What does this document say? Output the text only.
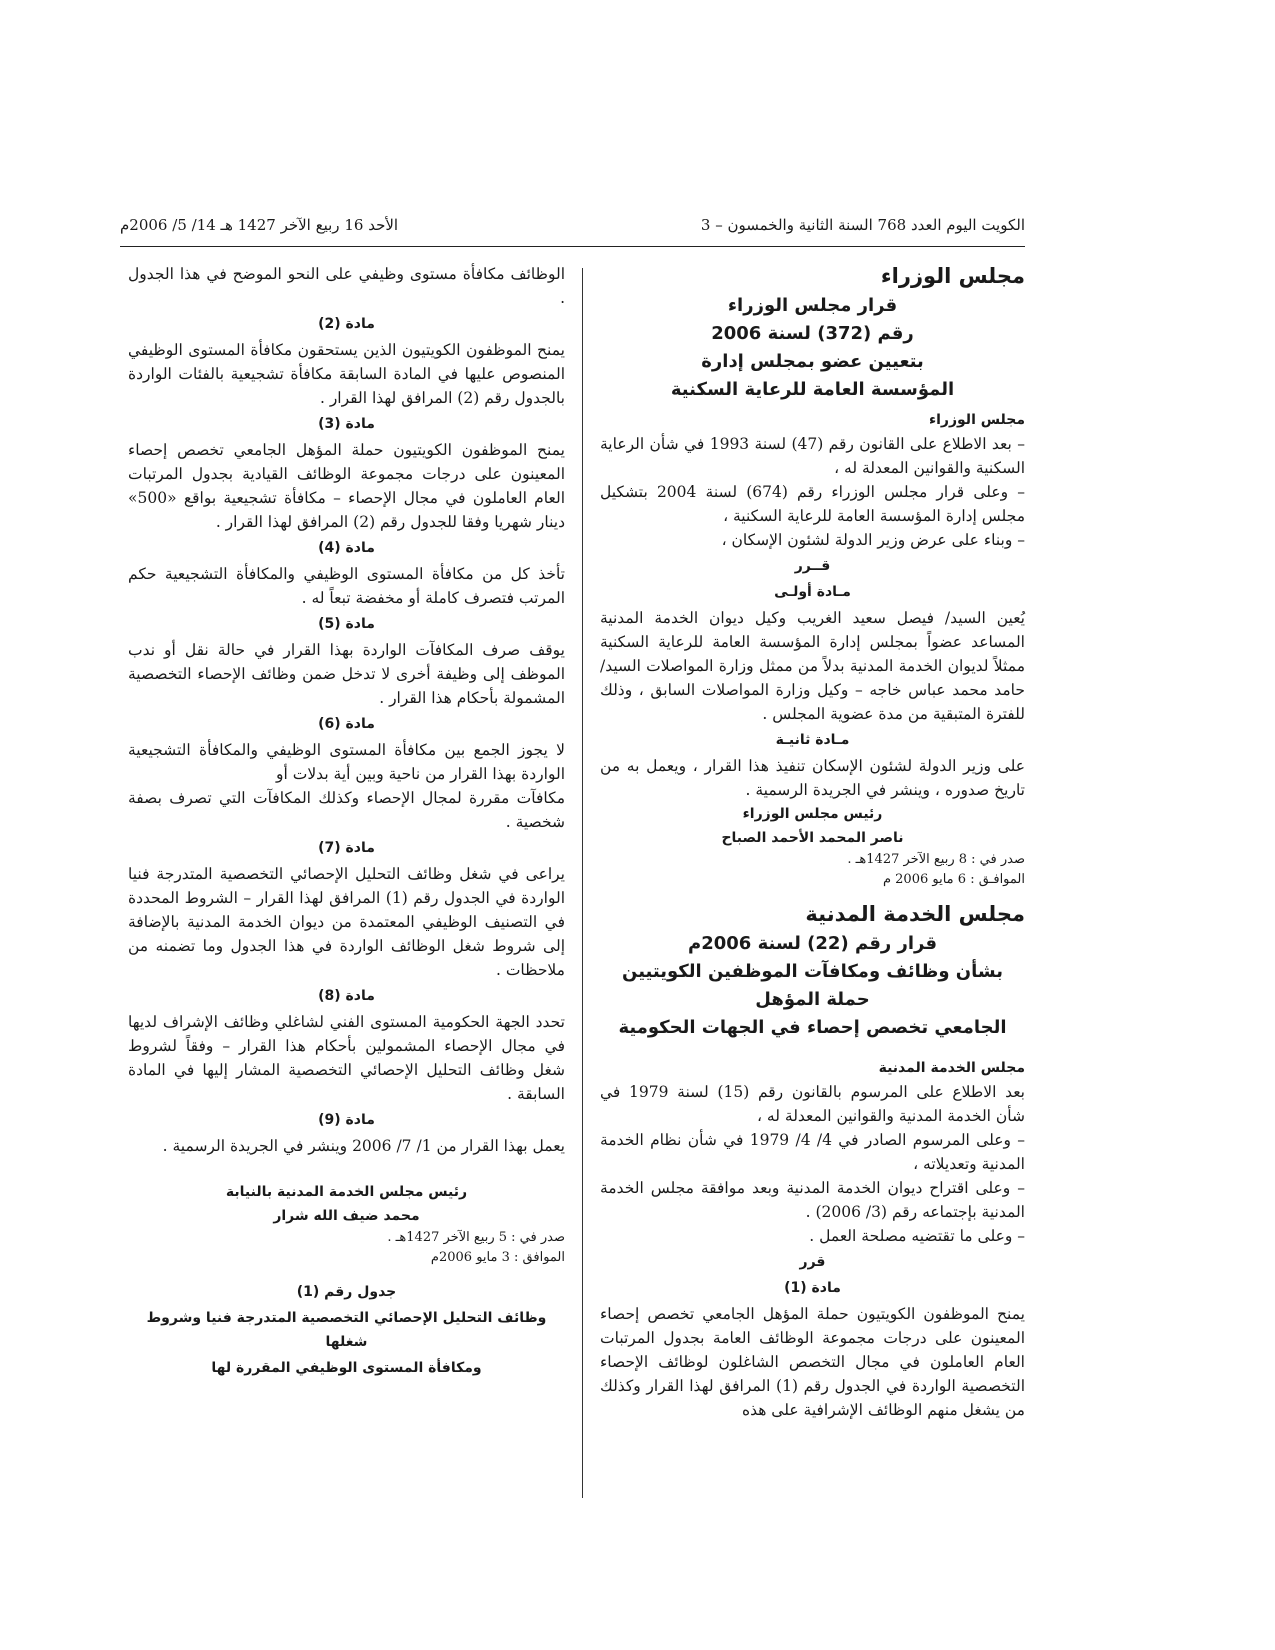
الكويت اليوم العدد 768 السنة الثانية والخمسون – 3
الأحد 16 ربيع الآخر 1427 هـ 14/ 5/ 2006م
مجلس الوزراء
قرار مجلس الوزراء
رقم (372) لسنة 2006
بتعيين عضو بمجلس إدارة
المؤسسة العامة للرعاية السكنية
مجلس الوزراء

– بعد الاطلاع على القانون رقم (47) لسنة 1993 في شأن الرعاية السكنية والقوانين المعدلة له ،

– وعلى قرار مجلس الوزراء رقم (674) لسنة 2004 بتشكيل مجلس إدارة المؤسسة العامة للرعاية السكنية ،

– وبناء على عرض وزير الدولة لشئون الإسكان ،

قــرر
مـادة أولـى

يُعين السيد/ فيصل سعيد الغريب وكيل ديوان الخدمة المدنية المساعد عضواً بمجلس إدارة المؤسسة العامة للرعاية السكنية ممثلاً لديوان الخدمة المدنية بدلاً من ممثل وزارة المواصلات السيد/ حامد محمد عباس خاجه – وكيل وزارة المواصلات السابق ، وذلك للفترة المتبقية من مدة عضوية المجلس .

مـادة ثانيـة

على وزير الدولة لشئون الإسكان تنفيذ هذا القرار ، ويعمل به من تاريخ صدوره ، وينشر في الجريدة الرسمية .

رئيس مجلس الوزراء
ناصر المحمد الأحمد الصباح
صدر في : 8 ربيع الآخر 1427هـ .
الموافـق : 6 مايو 2006 م
مجلس الخدمة المدنية
قرار رقم (22) لسنة 2006م
بشأن وظائف ومكافآت الموظفين الكويتيين حملة المؤهل
الجامعي تخصص إحصاء في الجهات الحكومية
مجلس الخدمة المدنية

بعد الاطلاع على المرسوم بالقانون رقم (15) لسنة 1979 في شأن الخدمة المدنية والقوانين المعدلة له ،

– وعلى المرسوم الصادر في 4/ 4/ 1979 في شأن نظام الخدمة المدنية وتعديلاته ،

– وعلى اقتراح ديوان الخدمة المدنية وبعد موافقة مجلس الخدمة المدنية بإجتماعه رقم (3/ 2006) .

– وعلى ما تقتضيه مصلحة العمل .

قرر
مادة (1)

يمنح الموظفون الكويتيون حملة المؤهل الجامعي تخصص إحصاء المعينون على درجات مجموعة الوظائف العامة بجدول المرتبات العام العاملون في مجال التخصص الشاغلون لوظائف الإحصاء التخصصية الواردة في الجدول رقم (1) المرافق لهذا القرار وكذلك من يشغل منهم الوظائف الإشرافية على هذه

الوظائف مكافأة مستوى وظيفي على النحو الموضح في هذا الجدول .

مادة (2)

يمنح الموظفون الكويتيون الذين يستحقون مكافأة المستوى الوظيفي المنصوص عليها في المادة السابقة مكافأة تشجيعية بالفئات الواردة بالجدول رقم (2) المرافق لهذا القرار .

مادة (3)

يمنح الموظفون الكويتيون حملة المؤهل الجامعي تخصص إحصاء المعينون على درجات مجموعة الوظائف القيادية بجدول المرتبات العام العاملون في مجال الإحصاء – مكافأة تشجيعية بواقع «500» دينار شهريا وفقا للجدول رقم (2) المرافق لهذا القرار .

مادة (4)

تأخذ كل من مكافأة المستوى الوظيفي والمكافأة التشجيعية حكم المرتب فتصرف كاملة أو مخفضة تبعاً له .

مادة (5)

يوقف صرف المكافآت الواردة بهذا القرار في حالة نقل أو ندب الموظف إلى وظيفة أخرى لا تدخل ضمن وظائف الإحصاء التخصصية المشمولة بأحكام هذا القرار .

مادة (6)

لا يجوز الجمع بين مكافأة المستوى الوظيفي والمكافأة التشجيعية الواردة بهذا القرار من ناحية وبين أية بدلات أو

مكافآت مقررة لمجال الإحصاء وكذلك المكافآت التي تصرف بصفة شخصية .

مادة (7)

يراعى في شغل وظائف التحليل الإحصائي التخصصية المتدرجة فنيا الواردة في الجدول رقم (1) المرافق لهذا القرار – الشروط المحددة في التصنيف الوظيفي المعتمدة من ديوان الخدمة المدنية بالإضافة إلى شروط شغل الوظائف الواردة في هذا الجدول وما تضمنه من ملاحظات .

مادة (8)

تحدد الجهة الحكومية المستوى الفني لشاغلي وظائف الإشراف لديها في مجال الإحصاء المشمولين بأحكام هذا القرار – وفقاً لشروط شغل وظائف التحليل الإحصائي التخصصية المشار إليها في المادة السابقة .

مادة (9)

يعمل بهذا القرار من 1/ 7/ 2006 وينشر في الجريدة الرسمية .

رئيس مجلس الخدمة المدنية بالنيابة
محمد ضيف الله شرار
صدر في : 5 ربيع الآخر 1427هـ .
الموافق : 3 مايو 2006م
جدول رقم (1)
وظائف التحليل الإحصائي التخصصية المتدرجة فنيا وشروط شغلها
ومكافأة المستوى الوظيفي المقررة لها
